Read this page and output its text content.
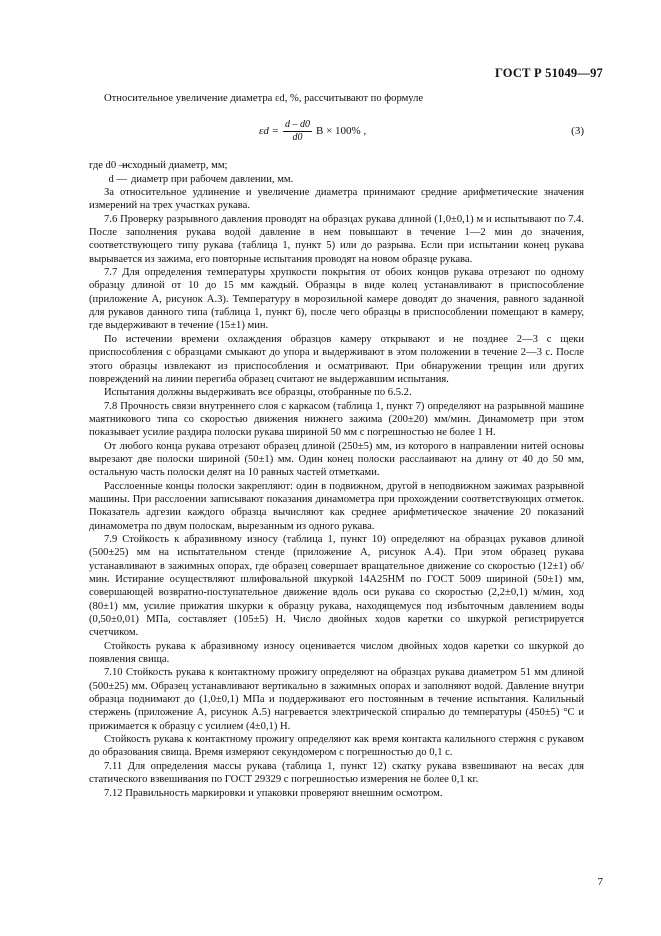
ГОСТ Р 51049—97

Относительное увеличение диаметра εd, %, рассчитывают по формуле

$\varepsilon d = \frac{d - d0}{d0}$ B × 100% ,	(3)
где d0 —
исходный диаметр, мм;
d — диаметр при рабочем давлении, мм.

За относительное удлинение и увеличение диаметра принимают средние арифметические значения измерений на трех участках рукава.

7.6 Проверку разрывного давления проводят на образцах рукава длиной (1,0±0,1) м и испытывают по 7.4. После заполнения рукава водой давление в нем повышают в течение 1—2 мин до значения, соответствующего типу рукава (таблица 1, пункт 5) или до разрыва. Если при испытании конец рукава вырывается из зажима, его повторные испытания проводят на новом образце рукава.

7.7 Для определения температуры хрупкости покрытия от обоих концов рукава отрезают по одному образцу длиной от 10 до 15 мм каждый. Образцы в виде колец устанавливают в приспособление (приложение А, рисунок А.3). Температуру в морозильной камере доводят до значения, равного заданной для рукавов данного типа (таблица 1, пункт 6), после чего образцы в приспособлении помещают в камеру, где выдерживают в течение (15±1) мин.

По истечении времени охлаждения образцов камеру открывают и не позднее 2—3 с щеки приспособления с образцами смыкают до упора и выдерживают в этом положении в течение 2—3 с. После этого образцы извлекают из приспособления и осматривают. При обнаружении трещин или других повреждений на линии перегиба образец считают не выдержавшим испытания.

Испытания должны выдерживать все образцы, отобранные по 6.5.2.

7.8 Прочность связи внутреннего слоя с каркасом (таблица 1, пункт 7) определяют на разрывной машине маятникового типа со скоростью движения нижнего зажима (200±20) мм/мин. Динамометр при этом показывает усилие раздира полоски рукава шириной 50 мм с погрешностью не более 1 Н.

От любого конца рукава отрезают образец длиной (250±5) мм, из которого в направлении нитей основы вырезают две полоски шириной (50±1) мм. Один конец полоски расслаивают на длину от 40 до 50 мм, остальную часть полоски делят на 10 равных частей отметками.

Расслоенные концы полоски закрепляют: один в подвижном, другой в неподвижном зажимах разрывной машины. При расслоении записывают показания динамометра при прохождении соответствующих отметок. Показатель адгезии каждого образца вычисляют как среднее арифметическое значение 20 показаний динамометра по двум полоскам, вырезанным из одного рукава.

7.9 Стойкость к абразивному износу (таблица 1, пункт 10) определяют на образцах рукавов длиной (500±25) мм на испытательном стенде (приложение А, рисунок А.4). При этом образец рукава устанавливают в зажимных опорах, где образец совершает вращательное движение со скоростью (12±1) об/мин. Истирание осуществляют шлифовальной шкуркой 14А25НМ по ГОСТ 5009 шириной (50±1) мм, совершающей возвратно-поступательное движение вдоль оси рукава со скоростью (2,2±0,1) м/мин, ход (80±1) мм, усилие прижатия шкурки к образцу рукава, находящемуся под избыточным давлением воды (0,50±0,01) МПа, составляет (105±5) Н. Число двойных ходов каретки со шкуркой регистрируется счетчиком.

Стойкость рукава к абразивному износу оценивается числом двойных ходов каретки со шкуркой до появления свища.

7.10 Стойкость рукава к контактному прожигу определяют на образцах рукава диаметром 51 мм длиной (500±25) мм. Образец устанавливают вертикально в зажимных опорах и заполняют водой. Давление внутри образца поднимают до (1,0±0,1) МПа и поддерживают его постоянным в течение испытания. Калильный стержень (приложение А, рисунок А.5) нагревается электрической спиралью до температуры (450±5) °С и прижимается к образцу с усилием (4±0,1) Н.

Стойкость рукава к контактному прожигу определяют как время контакта калильного стержня с рукавом до образования свища. Время измеряют секундомером с погрешностью до 0,1 с.

7.11 Для определения массы рукава (таблица 1, пункт 12) скатку рукава взвешивают на весах для статического взвешивания по ГОСТ 29329 с погрешностью измерения не более 0,1 кг.

7.12 Правильность маркировки и упаковки проверяют внешним осмотром.

7
